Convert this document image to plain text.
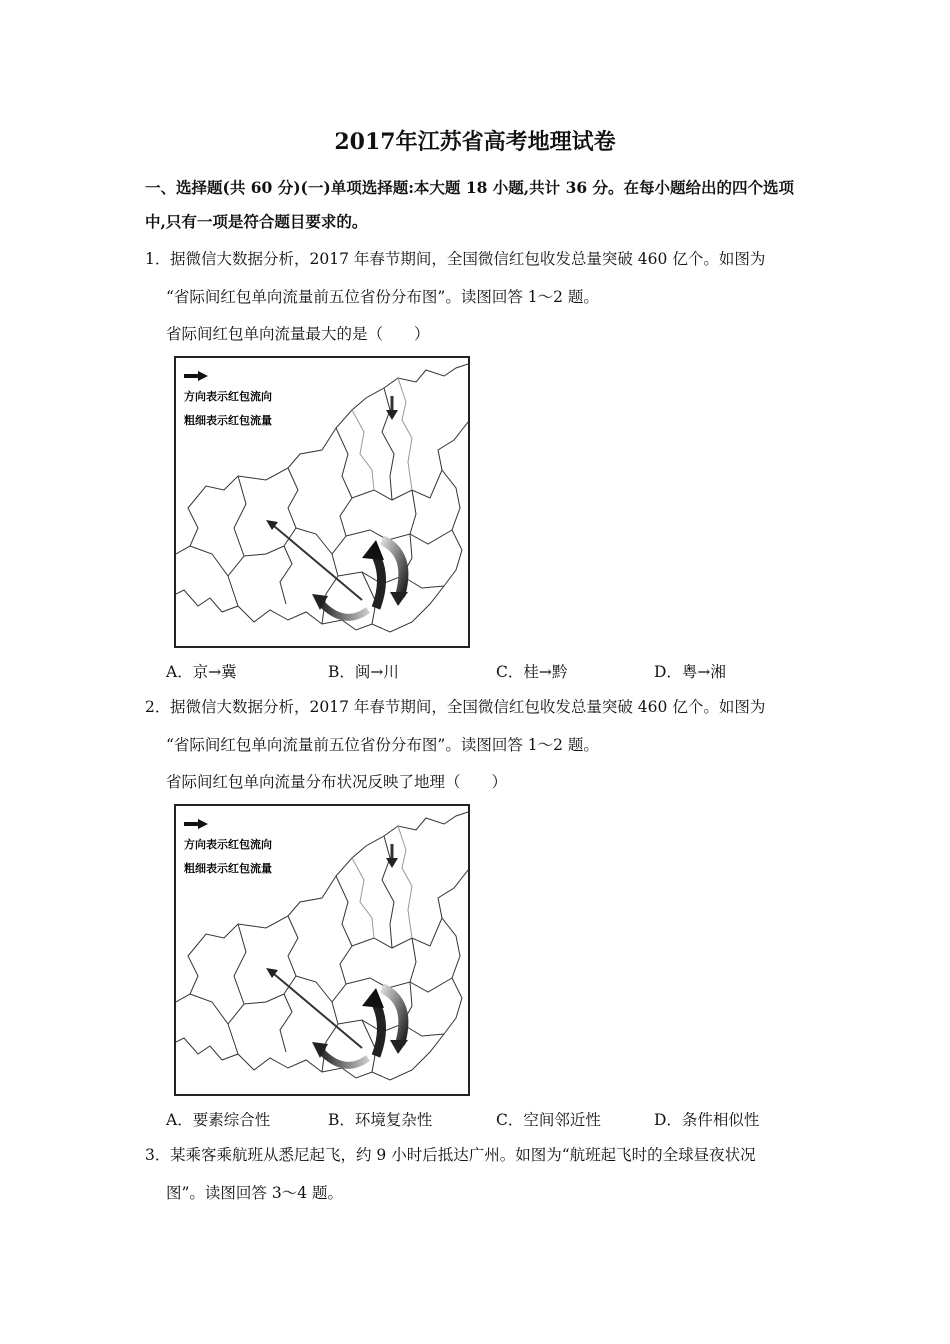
2017年江苏省高考地理试卷
一、选择题(共 60 分)(一)单项选择题:本大题 18 小题,共计 36 分。在每小题给出的四个选项
中,只有一项是符合题目要求的。
1． 据微信大数据分析，2017 年春节期间，全国微信红包收发总量突破 460 亿个。如图为
“省际间红包单向流量前五位省份分布图”。读图回答 1～2 题。
省际间红包单向流量最大的是（　　）
方向表示红包流向
粗细表示红包流量
A．京→冀	B．闽→川	C．桂→黔	D．粤→湘
2． 据微信大数据分析，2017 年春节期间，全国微信红包收发总量突破 460 亿个。如图为
“省际间红包单向流量前五位省份分布图”。读图回答 1～2 题。
省际间红包单向流量分布状况反映了地理（　　）
方向表示红包流向
粗细表示红包流量
A．要素综合性	B．环境复杂性	C．空间邻近性	D．条件相似性
3． 某乘客乘航班从悉尼起飞，约 9 小时后抵达广州。如图为“航班起飞时的全球昼夜状况
图”。读图回答 3～4 题。
